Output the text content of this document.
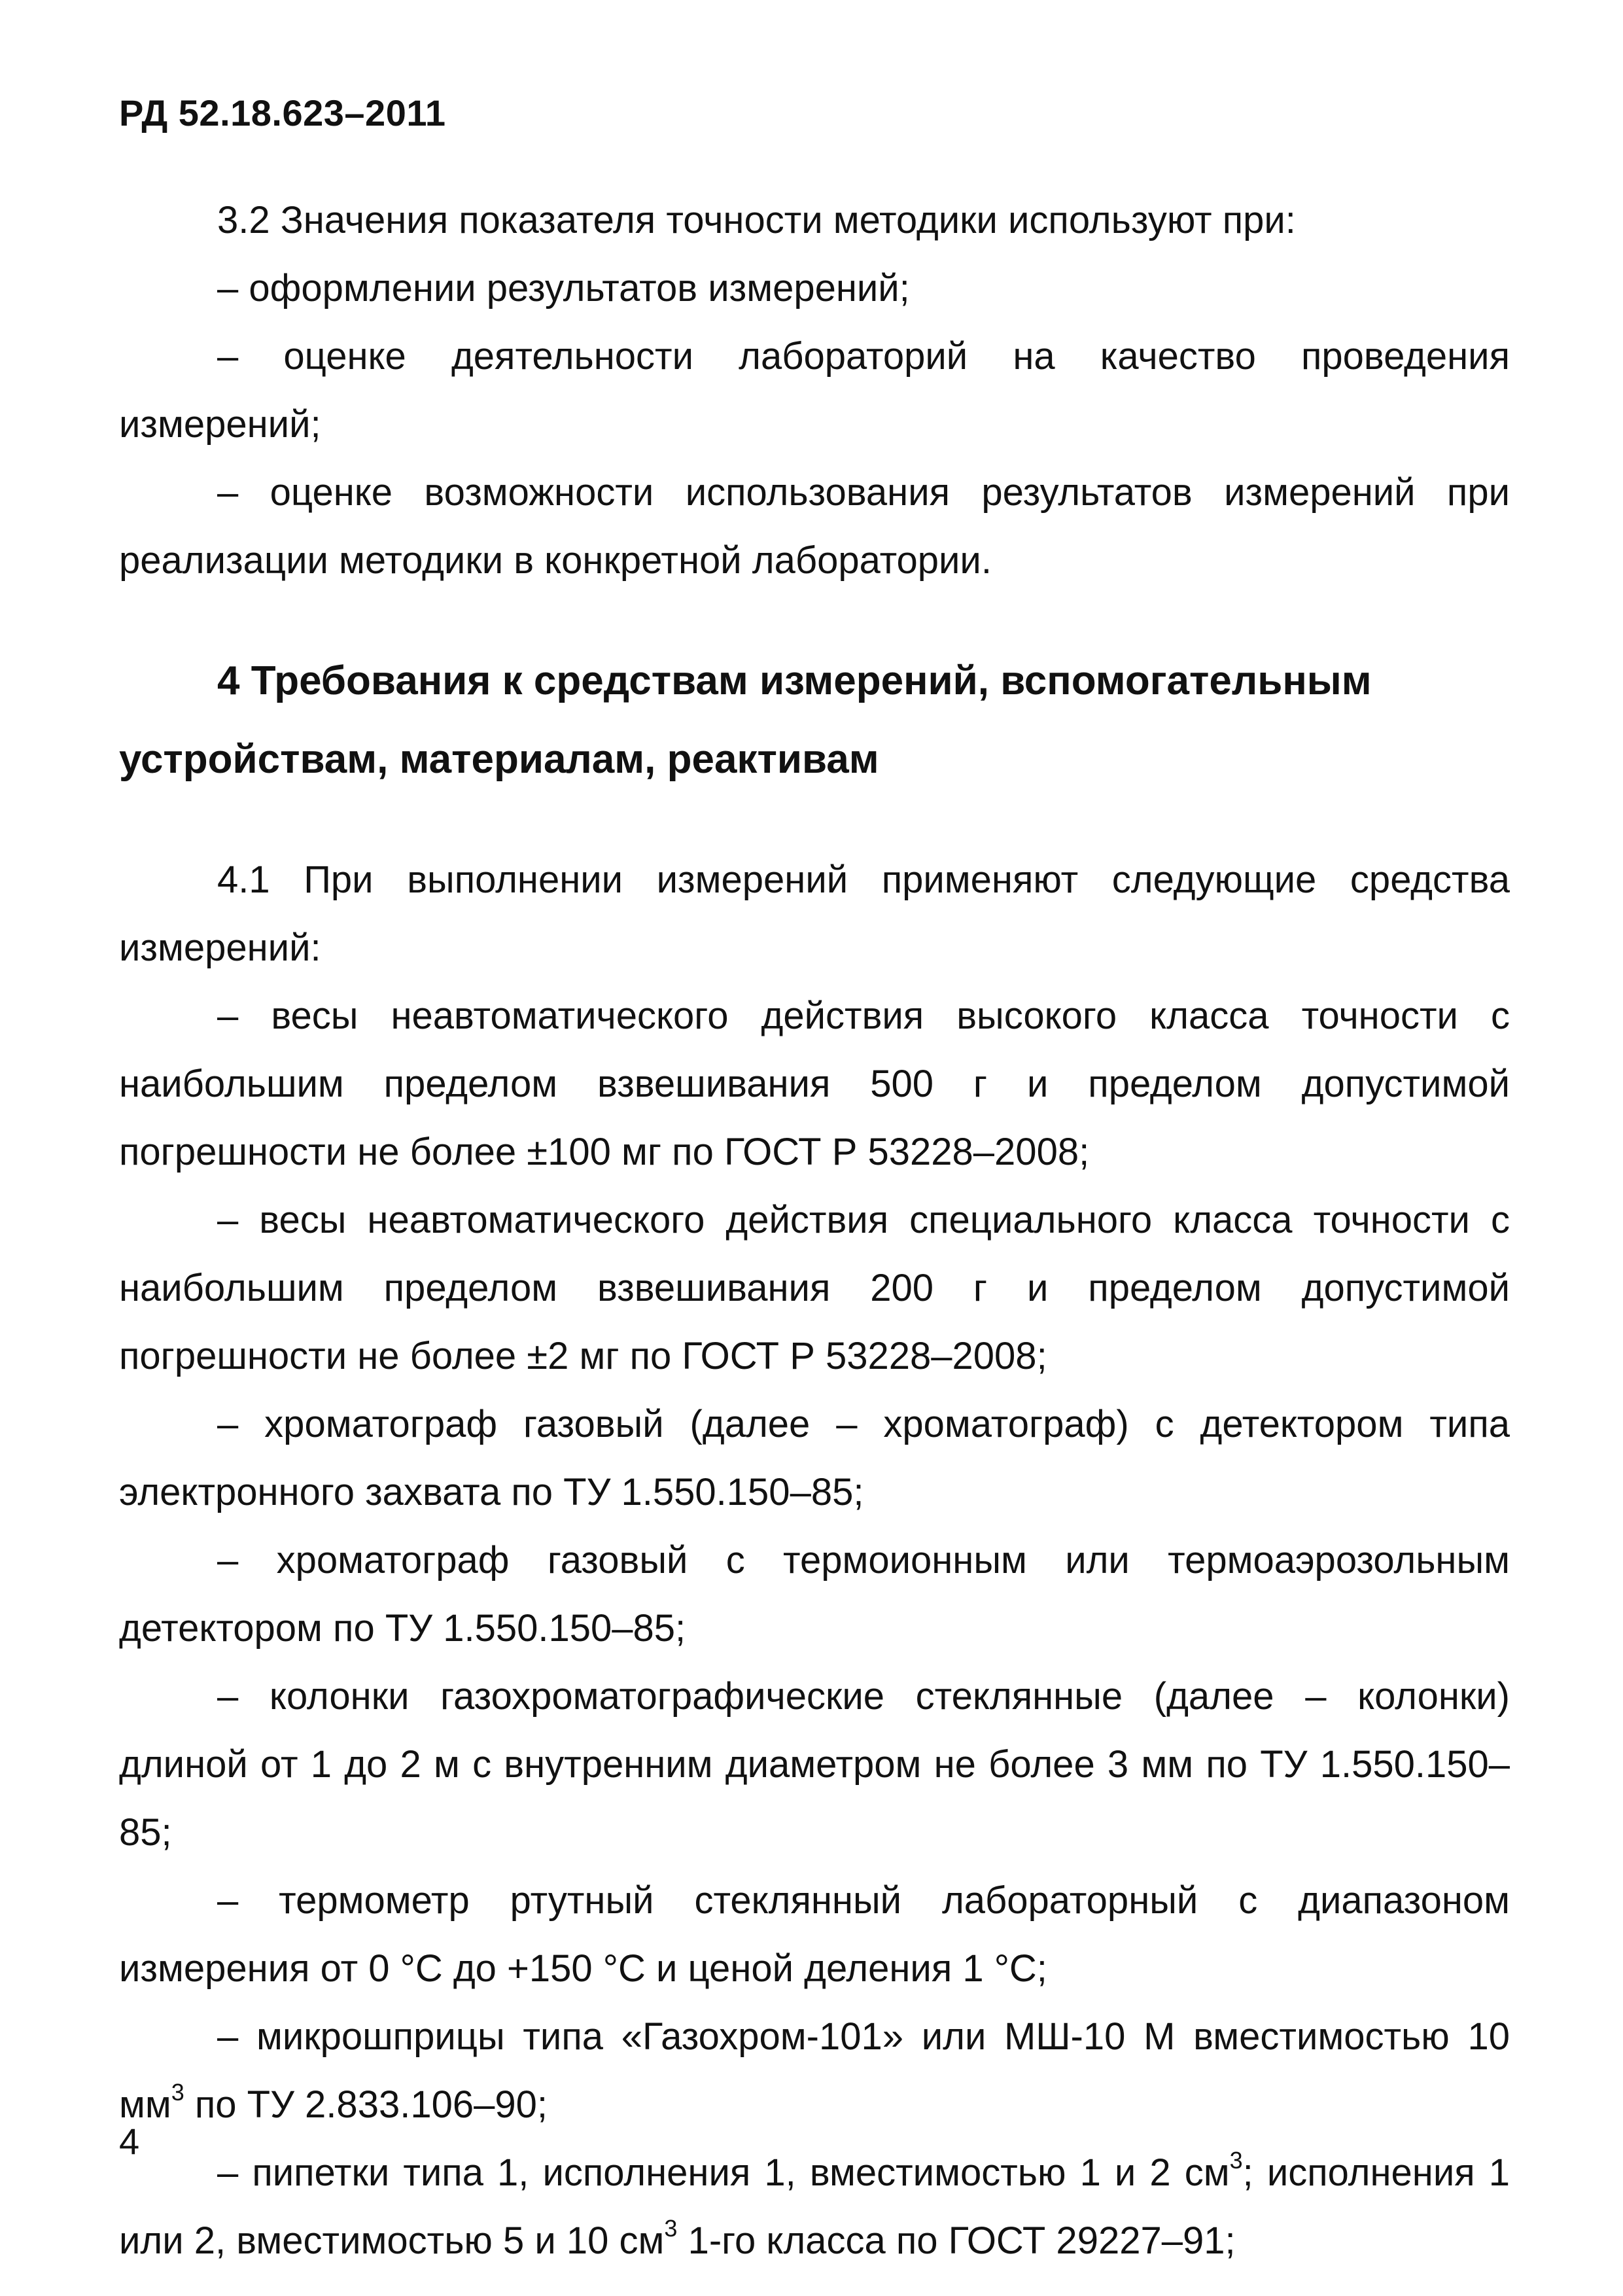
РД 52.18.623–2011

3.2 Значения показателя точности методики используют при:

– оформлении результатов измерений;

– оценке деятельности лабораторий на качество проведения измерений;

– оценке возможности использования результатов измерений при реализации методики в конкретной лаборатории.

4 Требования к средствам измерений, вспомогательным устройствам, материалам, реактивам

4.1 При выполнении измерений применяют следующие средства измерений:

– весы неавтоматического действия высокого класса точности с наибольшим пределом взвешивания 500 г и пределом допустимой погрешности не более ±100 мг по ГОСТ Р 53228–2008;

– весы неавтоматического действия специального класса точности с наибольшим пределом взвешивания 200 г и пределом допустимой погрешности не более ±2 мг по ГОСТ Р 53228–2008;

– хроматограф газовый (далее – хроматограф) с детектором типа электронного захвата по ТУ 1.550.150–85;

– хроматограф газовый с термоионным или термоаэрозольным детектором по ТУ 1.550.150–85;

– колонки газохроматографические стеклянные (далее – колонки) длиной от 1 до 2 м с внутренним диаметром не более 3 мм по ТУ 1.550.150–85;

– термометр ртутный стеклянный лабораторный с диапазоном измерения от 0 °С до +150 °С и ценой деления 1 °С;

– микрошприцы типа «Газохром-101» или МШ-10 М вместимостью 10 $мм^3$ по ТУ 2.833.106–90;

– пипетки типа 1, исполнения 1, вместимостью 1 и 2 $см^3$; исполнения 1 или 2, вместимостью 5 и 10 $см^3$ 1-го класса по ГОСТ 29227–91;

4
